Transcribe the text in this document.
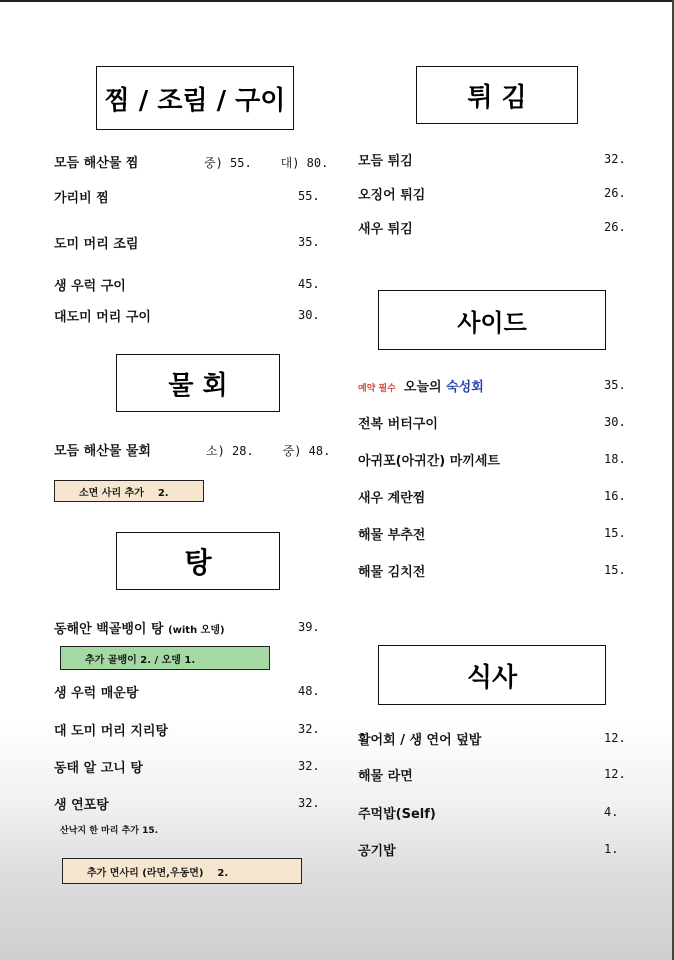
찜 / 조림 / 구이
모듬 해산물 찜	중) 55.    대) 80.
가리비 찜	55.
도미 머리 조림	35.
생 우럭 구이	45.
대도미 머리 구이	30.
물 회
모듬 해산물 물회	소) 28.    중) 48.
소면 사리 추가    2.
탕
동해안 백골뱅이 탕 (with 오뎅)	39.
추가 골뱅이 2. / 오뎅 1.
생 우럭 매운탕	48.
대 도미 머리 지리탕	32.
동태 알 고니 탕	32.
생 연포탕	32.
산낙지 한 마리 추가 15.
추가 면사리 (라면,우동면)    2.
튀 김
모듬 튀김	32.
오징어 튀김	26.
새우 튀김	26.
사이드
예약 필수 오늘의 숙성회	35.
전복 버터구이	30.
아귀포(아귀간) 마끼세트	18.
새우 계란찜	16.
해물 부추전	15.
해물 김치전	15.
식사
활어회 / 생 연어 덮밥	12.
해물 라면	12.
주먹밥(Self)	4.
공기밥	1.
